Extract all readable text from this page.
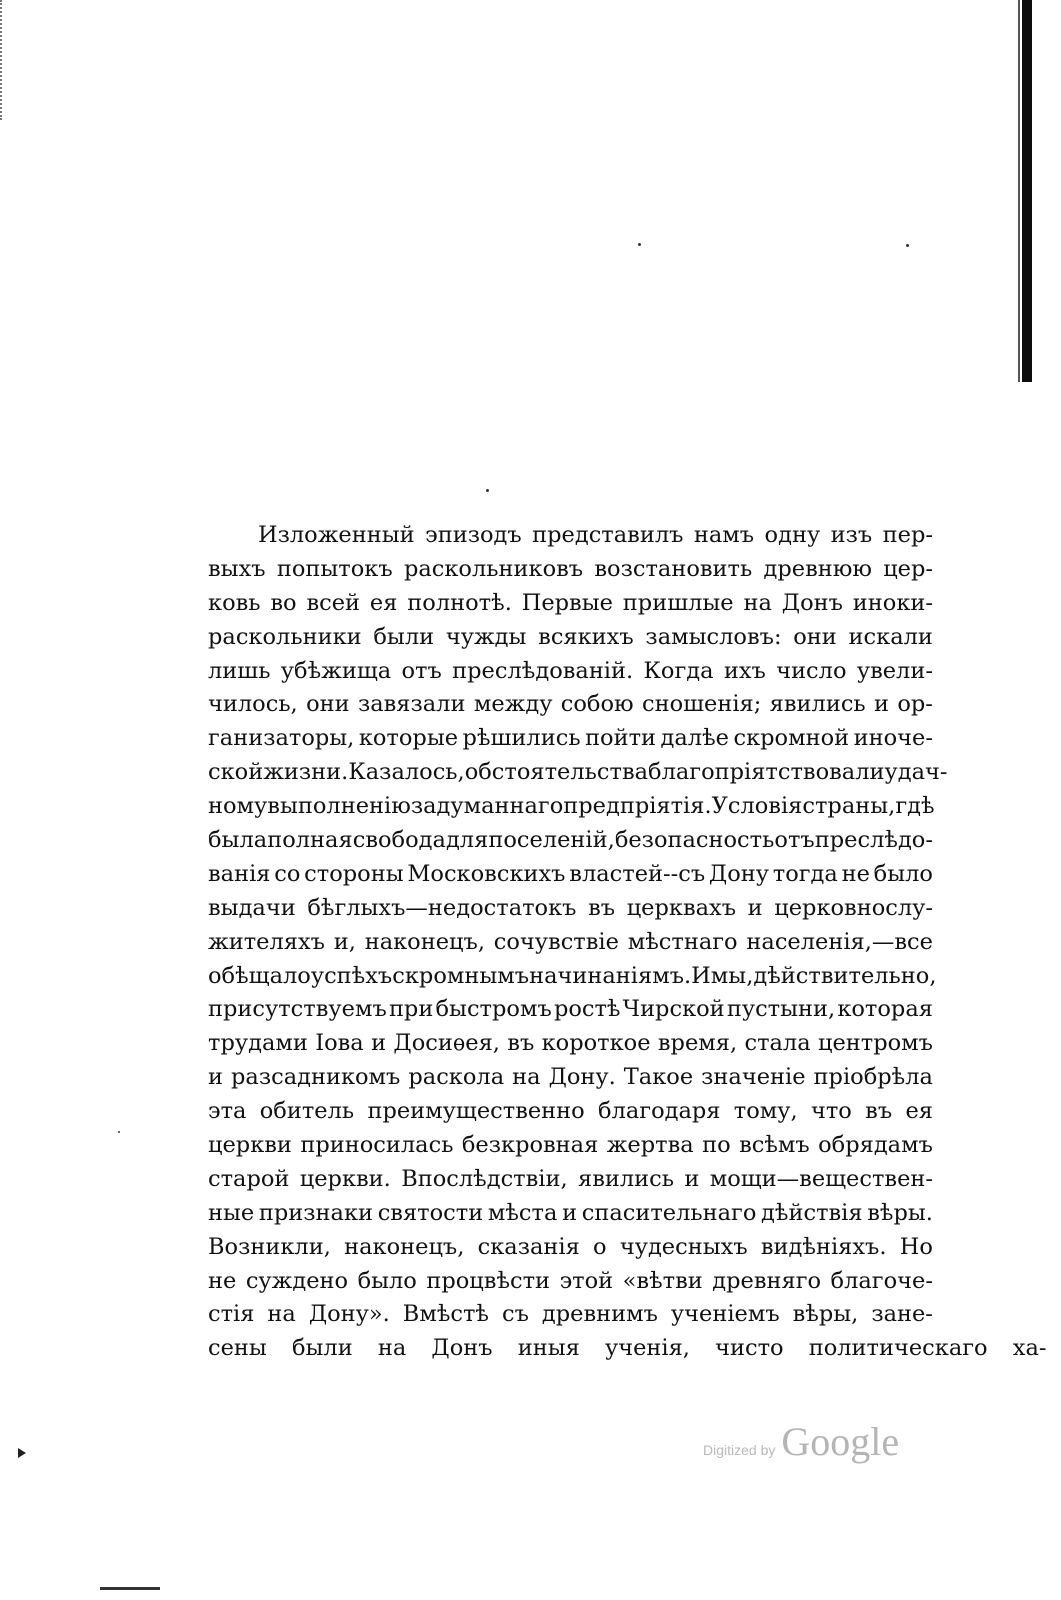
Изложенный эпизодъ представилъ намъ одну изъ пер-
выхъ попытокъ раскольниковъ возстановить древнюю цер-
ковь во всей ея полнотѣ. Первые пришлые на Донъ иноки-
раскольники были чужды всякихъ замысловъ: они искали
лишь убѣжища отъ преслѣдованій. Когда ихъ число увели-
чилось, они завязали между собою сношенія; явились и ор-
ганизаторы, которые рѣшились пойти далѣе скромной иноче-
ской жизни. Казалось, обстоятельства благопріятствовали удач-
ному выполненію задуманнаго предпріятія. Условія страны, гдѣ
была полная свобода для поселеній, безопасность отъ преслѣдо-
ванія со стороны Московскихъ властей--съ Дону тогда не было
выдачи бѣглыхъ—недостатокъ въ церквахъ и церковнослу-
жителяхъ и, наконецъ, сочувствіе мѣстнаго населенія,—все
обѣщало успѣхъ скромнымъ начинаніямъ. И мы, дѣйствительно,
присутствуемъ при быстромъ ростѣ Чирской пустыни, которая
трудами Іова и Досиѳея, въ короткое время, стала центромъ
и разсадникомъ раскола на Дону. Такое значеніе пріобрѣла
эта обитель преимущественно благодаря тому, что въ ея
церкви приносилась безкровная жертва по всѣмъ обрядамъ
старой церкви. Впослѣдствіи, явились и мощи—веществен-
ные признаки святости мѣста и спасительнаго дѣйствія вѣры.
Возникли, наконецъ, сказанія о чудесныхъ видѣніяхъ. Но
не суждено было процвѣсти этой «вѣтви древняго благоче-
стія на Дону». Вмѣстѣ съ древнимъ ученіемъ вѣры, зане-
сены были на Донъ иныя ученія, чисто политическаго ха-
Digitized by Google
